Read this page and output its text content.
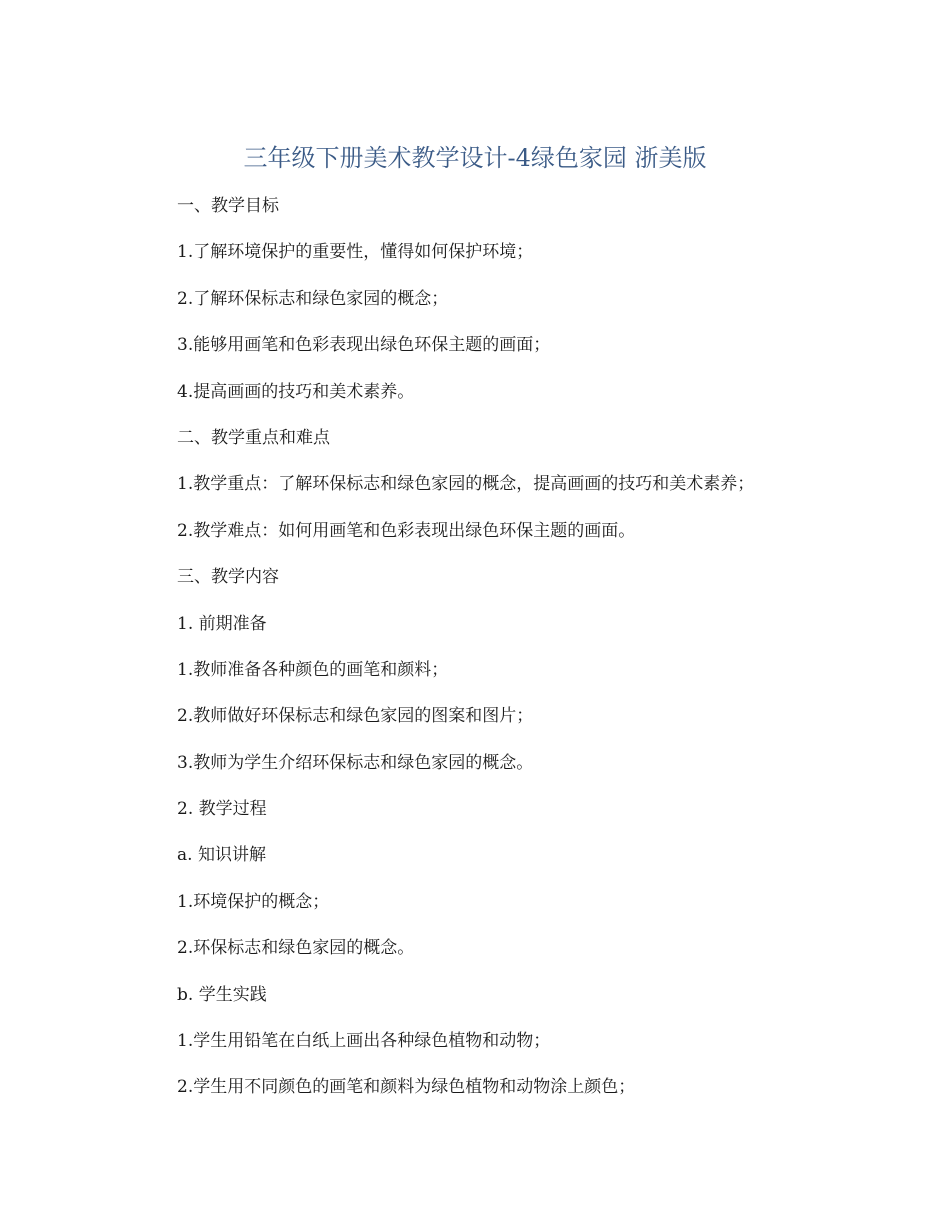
三年级下册美术教学设计-4绿色家园 浙美版
一、教学目标
1.了解环境保护的重要性，懂得如何保护环境；
2.了解环保标志和绿色家园的概念；
3.能够用画笔和色彩表现出绿色环保主题的画面；
4.提高画画的技巧和美术素养。
二、教学重点和难点
1.教学重点：了解环保标志和绿色家园的概念，提高画画的技巧和美术素养；
2.教学难点：如何用画笔和色彩表现出绿色环保主题的画面。
三、教学内容
1. 前期准备
1.教师准备各种颜色的画笔和颜料；
2.教师做好环保标志和绿色家园的图案和图片；
3.教师为学生介绍环保标志和绿色家园的概念。
2. 教学过程
a. 知识讲解
1.环境保护的概念；
2.环保标志和绿色家园的概念。
b. 学生实践
1.学生用铅笔在白纸上画出各种绿色植物和动物；
2.学生用不同颜色的画笔和颜料为绿色植物和动物涂上颜色；
